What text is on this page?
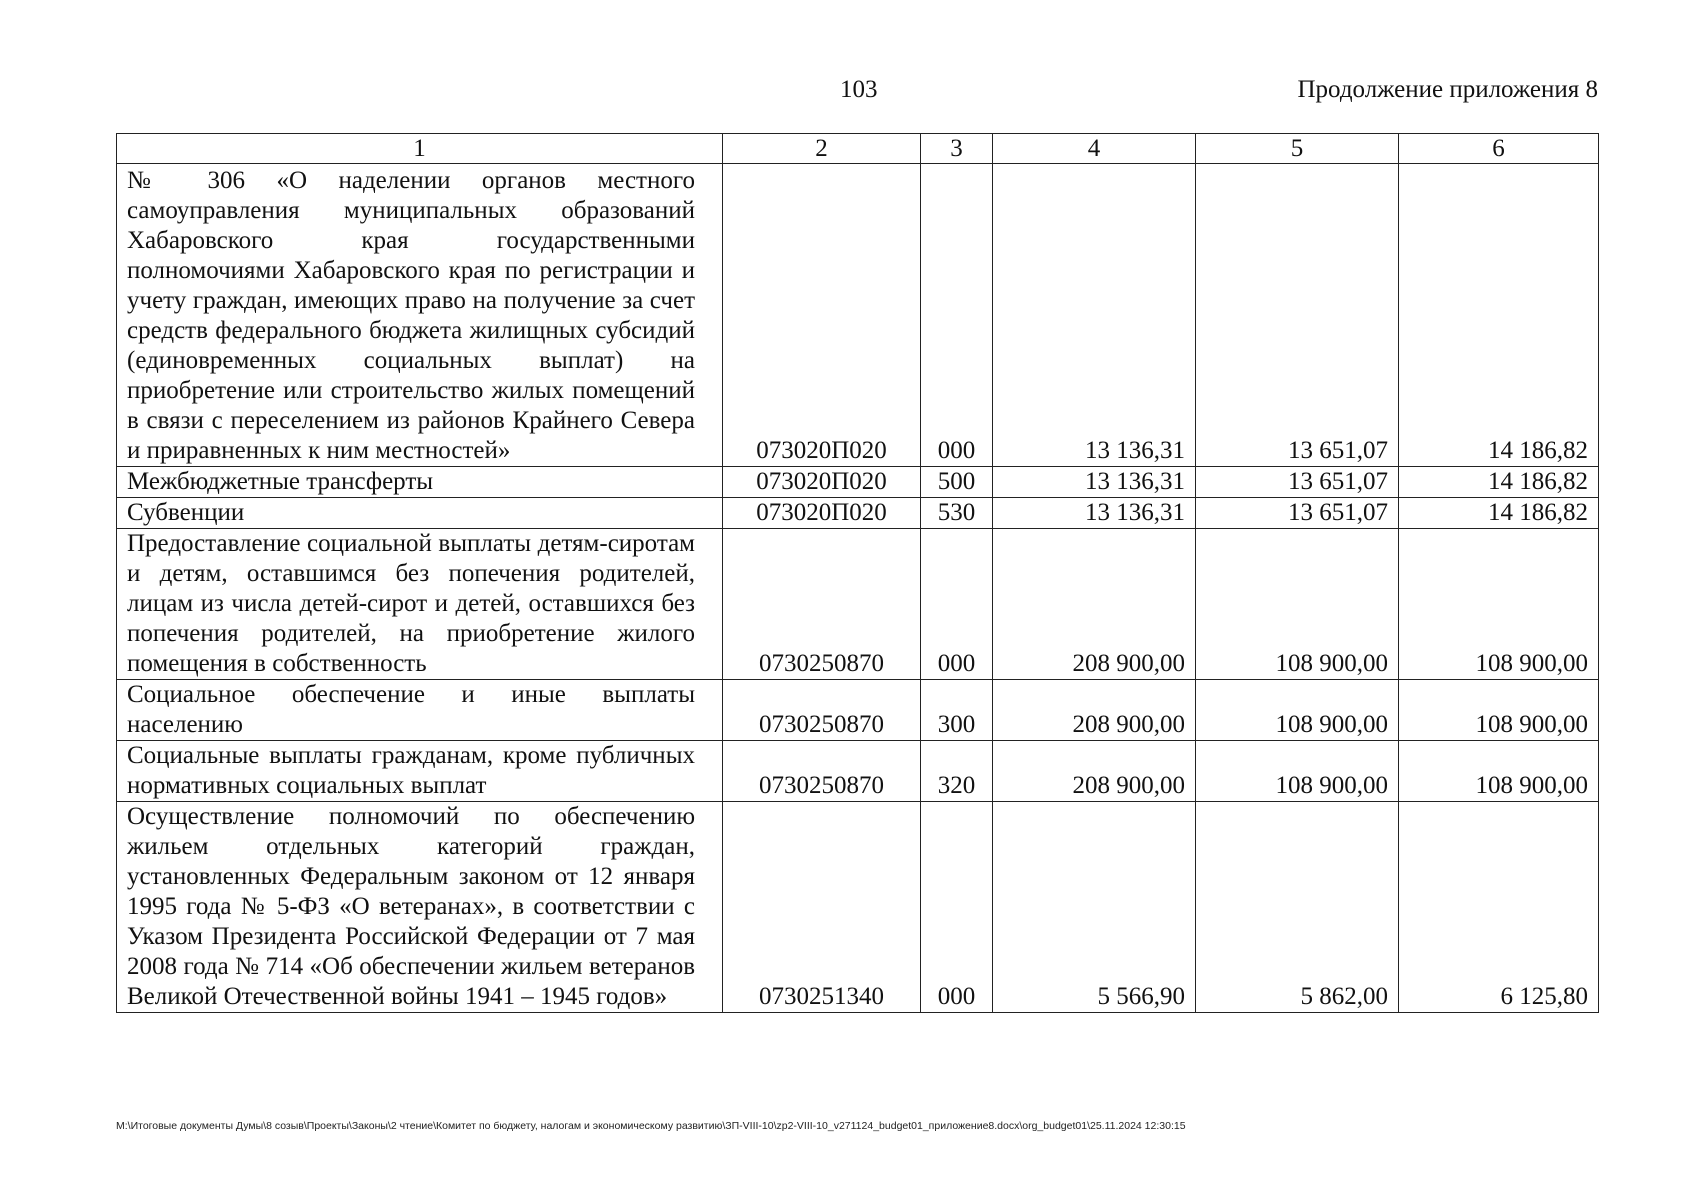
103	Продолжение приложения 8
1	2	3	4	5	6

№ 306 «О наделении органов местного самоуправления муниципальных образований Хабаровского края государственными полномочиями Хабаровского края по регистрации и учету граждан, имеющих право на получение за счет средств федерального бюджета жилищных субсидий (единовременных социальных выплат) на приобретение или строительство жилых помещений в связи с переселением из районов Крайнего Севера и приравненных к ним местностей»	073020П020	000	13 136,31	13 651,07	14 186,82

Межбюджетные трансферты	073020П020	500	13 136,31	13 651,07	14 186,82

Субвенции	073020П020	530	13 136,31	13 651,07	14 186,82

Предоставление социальной выплаты детям-сиротам и детям, оставшимся без попечения родителей, лицам из числа детей-сирот и детей, оставшихся без попечения родителей, на приобретение жилого помещения в собственность	0730250870	000	208 900,00	108 900,00	108 900,00

Социальное обеспечение и иные выплаты населению	0730250870	300	208 900,00	108 900,00	108 900,00

Социальные выплаты гражданам, кроме публичных нормативных социальных выплат	0730250870	320	208 900,00	108 900,00	108 900,00

Осуществление полномочий по обеспечению жильем отдельных категорий граждан, установленных Федеральным законом от 12 января 1995 года № 5-ФЗ «О ветеранах», в соответствии с Указом Президента Российской Федерации от 7 мая 2008 года № 714 «Об обеспечении жильем ветеранов Великой Отечественной войны 1941 – 1945 годов»	0730251340	000	5 566,90	5 862,00	6 125,80
М:\Итоговые документы Думы\8 созыв\Проекты\Законы\2 чтение\Комитет по бюджету, налогам и экономическому развитию\ЗП-VIII-10\zp2-VIII-10_v271124_budget01_приложение8.docx\org_budget01\25.11.2024 12:30:15
